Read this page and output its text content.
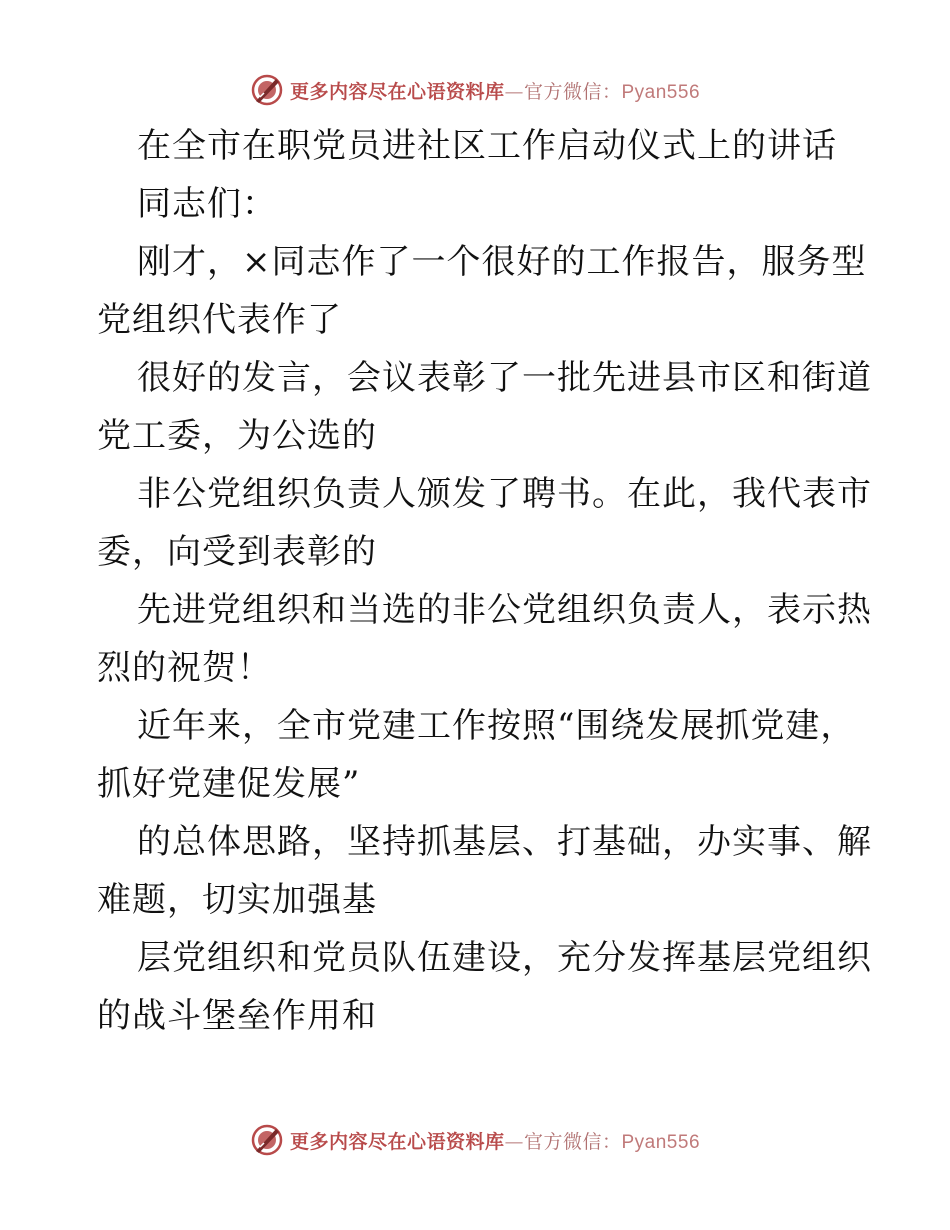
更多内容尽在心语资料库—官方微信：Pyan556
在全市在职党员进社区工作启动仪式上的讲话
同志们：
刚才，×同志作了一个很好的工作报告，服务型
党组织代表作了
很好的发言，会议表彰了一批先进县市区和街道
党工委，为公选的
非公党组织负责人颁发了聘书。在此，我代表市
委，向受到表彰的
先进党组织和当选的非公党组织负责人，表示热
烈的祝贺！
近年来，全市党建工作按照“围绕发展抓党建，
抓好党建促发展”
的总体思路，坚持抓基层、打基础，办实事、解
难题，切实加强基
层党组织和党员队伍建设，充分发挥基层党组织
的战斗堡垒作用和
更多内容尽在心语资料库—官方微信：Pyan556
